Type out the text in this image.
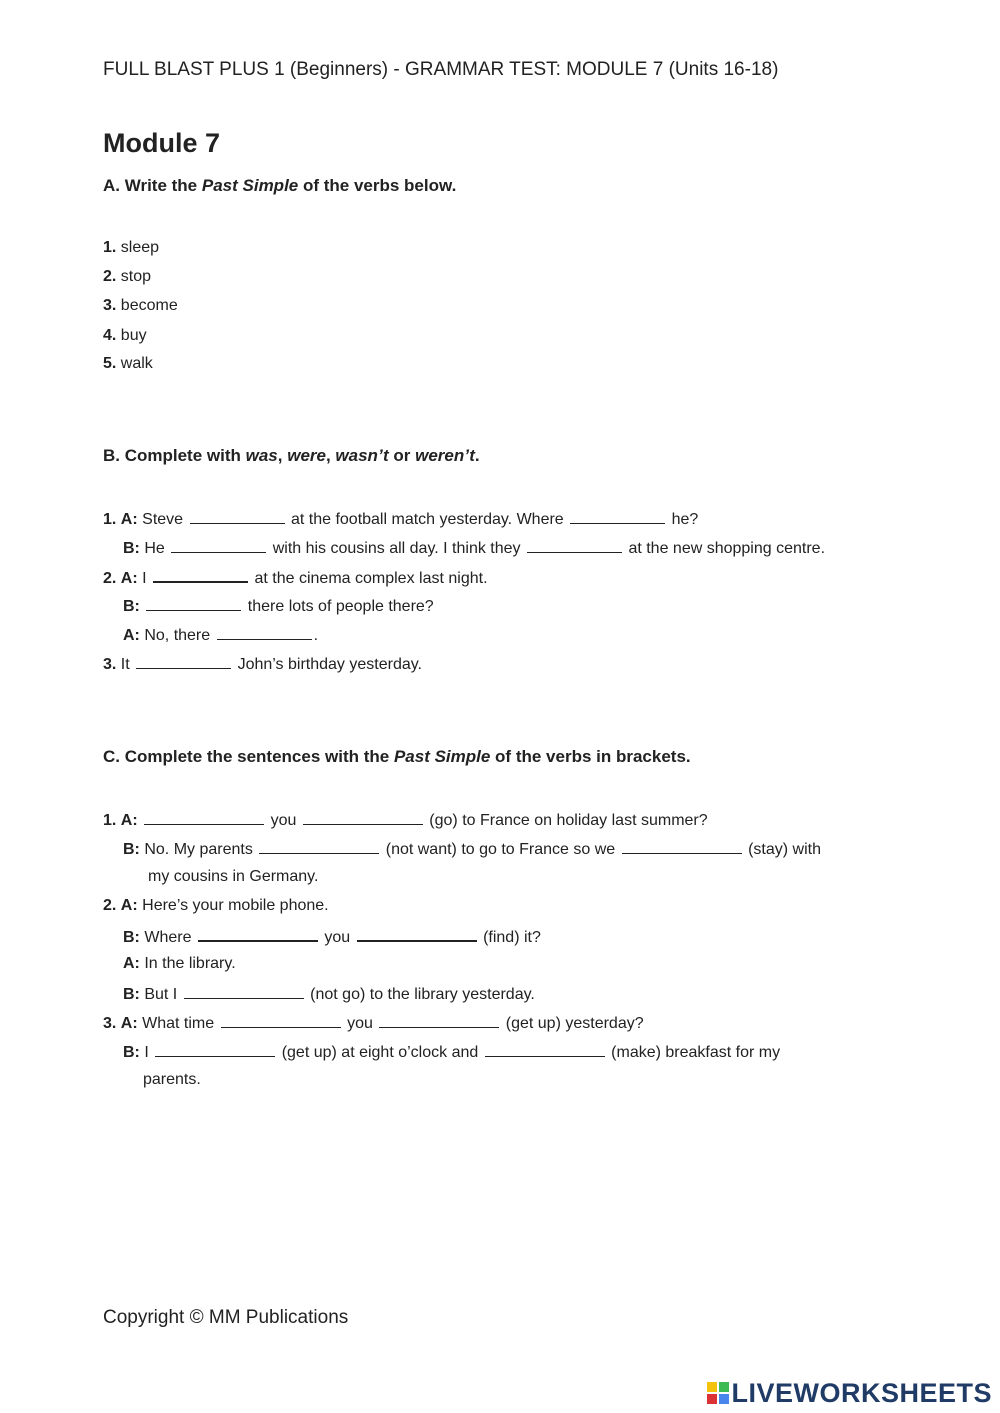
FULL BLAST PLUS 1 (Beginners) - GRAMMAR TEST: MODULE 7 (Units 16-18)
Module 7
A. Write the Past Simple of the verbs below.
1. sleep
2. stop
3. become
4. buy
5. walk
B. Complete with was, were, wasn’t or weren’t.
1. A: Steve	at the football match yesterday. Where	he?
B: He	with his cousins all day. I think they	at the new shopping centre.
2. A: I	at the cinema complex last night.
B:	there lots of people there?
A: No, there	.
3. It	John’s birthday yesterday.
C. Complete the sentences with the Past Simple of the verbs in brackets.
1. A:	you	(go) to France on holiday last summer?
B: No. My parents	(not want) to go to France so we	(stay) with
my cousins in Germany.
2. A: Here’s your mobile phone.
B: Where	you	(find) it?
A: In the library.
B: But I	(not go) to the library yesterday.
3. A: What time	you	(get up) yesterday?
B: I	(get up) at eight o’clock and	(make) breakfast for my
parents.
Copyright © MM Publications
LIVEWORKSHEETS
